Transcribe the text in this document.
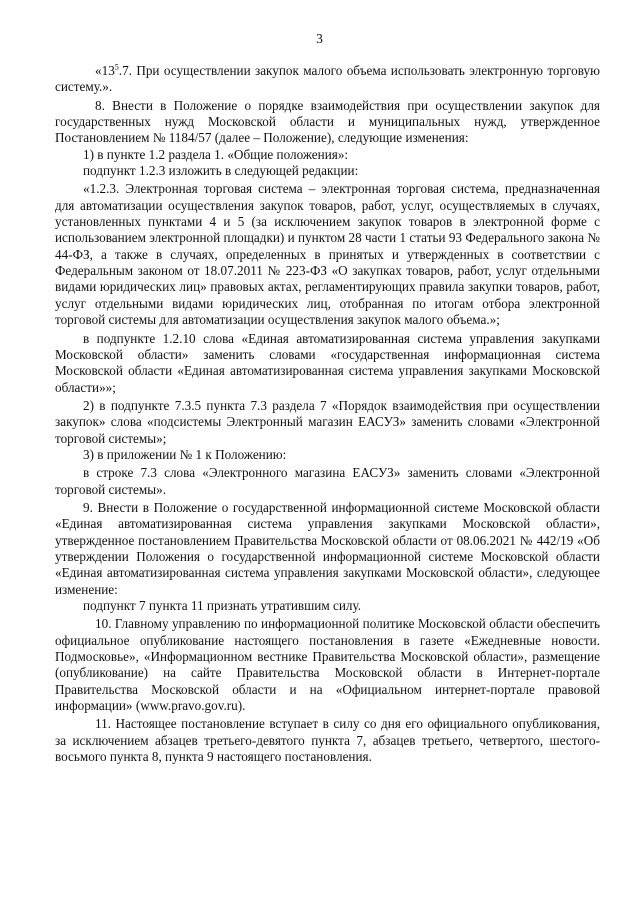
3

«$13^5.7$. При осуществлении закупок малого объема использовать электронную торговую систему.».

8. Внести в Положение о порядке взаимодействия при осуществлении закупок для государственных нужд Московской области и муниципальных нужд, утвержденное Постановлением № 1184/57 (далее – Положение), следующие изменения:

1) в пункте 1.2 раздела 1. «Общие положения»:

подпункт 1.2.3 изложить в следующей редакции:

«1.2.3. Электронная торговая система – электронная торговая система, предназначенная для автоматизации осуществления закупок товаров, работ, услуг, осуществляемых в случаях, установленных пунктами 4 и 5 (за исключением закупок товаров в электронной форме с использованием электронной площадки) и пунктом 28 части 1 статьи 93 Федерального закона № 44-ФЗ, а также в случаях, определенных в принятых и утвержденных в соответствии с Федеральным законом от 18.07.2011 № 223-ФЗ «О закупках товаров, работ, услуг отдельными видами юридических лиц» правовых актах, регламентирующих правила закупки товаров, работ, услуг отдельными видами юридических лиц, отобранная по итогам отбора электронной торговой системы для автоматизации осуществления закупок малого объема.»;

в подпункте 1.2.10 слова «Единая автоматизированная система управления закупками Московской области» заменить словами «государственная информационная система Московской области «Единая автоматизированная система управления закупками Московской области»»;

2) в подпункте 7.3.5 пункта 7.3 раздела 7 «Порядок взаимодействия при осуществлении закупок» слова «подсистемы Электронный магазин ЕАСУЗ» заменить словами «Электронной торговой системы»;

3) в приложении № 1 к Положению:

в строке 7.3 слова «Электронного магазина ЕАСУЗ» заменить словами «Электронной торговой системы».

9. Внести в Положение о государственной информационной системе Московской области «Единая автоматизированная система управления закупками Московской области», утвержденное постановлением Правительства Московской области от 08.06.2021 № 442/19 «Об утверждении Положения о государственной информационной системе Московской области «Единая автоматизированная система управления закупками Московской области», следующее изменение:

подпункт 7 пункта 11 признать утратившим силу.

10. Главному управлению по информационной политике Московской области обеспечить официальное опубликование настоящего постановления в газете «Ежедневные новости. Подмосковье», «Информационном вестнике Правительства Московской области», размещение (опубликование) на сайте Правительства Московской области в Интернет-портале Правительства Московской области и на «Официальном интернет-портале правовой информации» (www.pravo.gov.ru).

11. Настоящее постановление вступает в силу со дня его официального опубликования, за исключением абзацев третьего-девятого пункта 7, абзацев третьего, четвертого, шестого-восьмого пункта 8, пункта 9 настоящего постановления.
